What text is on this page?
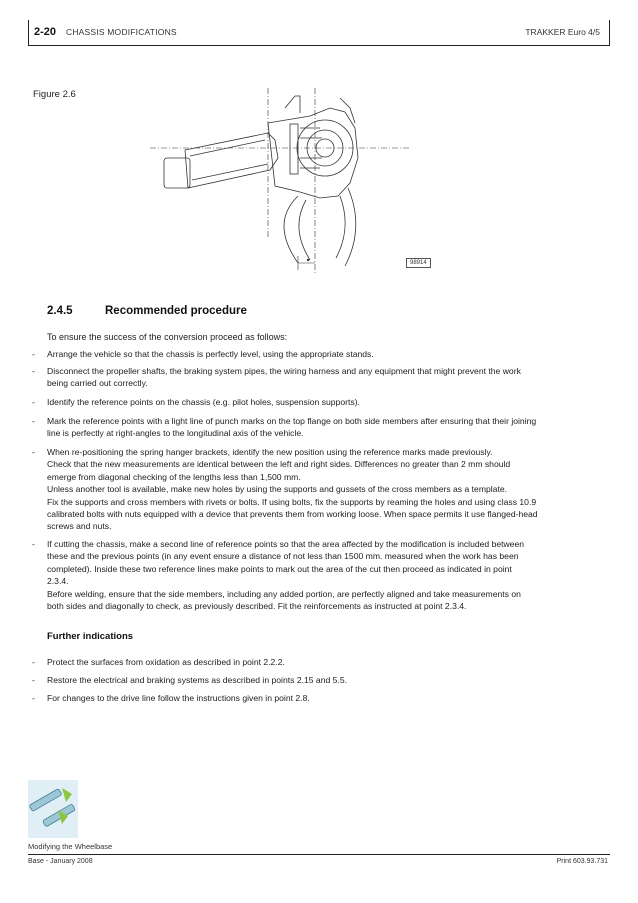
2-20 CHASSIS MODIFICATIONS	TRAKKER Euro 4/5
Figure 2.6
98914
2.4.5	Recommended procedure
To ensure the success of the conversion proceed as follows:
- Arrange the vehicle so that the chassis is perfectly level, using the appropriate stands.
- Disconnect the propeller shafts, the braking system pipes, the wiring harness and any equipment that might prevent the work
being carried out correctly.
- Identify the reference points on the chassis (e.g. pilot holes, suspension supports).
- Mark the reference points with a light line of punch marks on the top flange on both side members after ensuring that their joining
line is perfectly at right-angles to the longitudinal axis of the vehicle.
- When re-positioning the spring hanger brackets, identify the new position using the reference marks made previously.
Check that the new measurements are identical between the left and right sides. Differences no greater than 2 mm should
emerge from diagonal checking of the lengths less than 1,500 mm.
Unless another tool is available, make new holes by using the supports and gussets of the cross members as a template.
Fix the supports and cross members with rivets or bolts. If using bolts, fix the supports by reaming the holes and using class 10.9
calibrated bolts with nuts equipped with a device that prevents them from working loose. When space permits it use flanged-head
screws and nuts.
- If cutting the chassis, make a second line of reference points so that the area affected by the modification is included between
these and the previous points (in any event ensure a distance of not less than 1500 mm. measured when the work has been
completed). Inside these two reference lines make points to mark out the area of the cut then proceed as indicated in point
2.3.4.
Before welding, ensure that the side members, including any added portion, are perfectly aligned and take measurements on
both sides and diagonally to check, as previously described. Fit the reinforcements as instructed at point 2.3.4.
Further indications
- Protect the surfaces from oxidation as described in point 2.2.2.
- Restore the electrical and braking systems as described in points 2.15 and 5.5.
- For changes to the drive line follow the instructions given in point 2.8.
Modifying the Wheelbase
Base - January 2008	Print 603.93.731
